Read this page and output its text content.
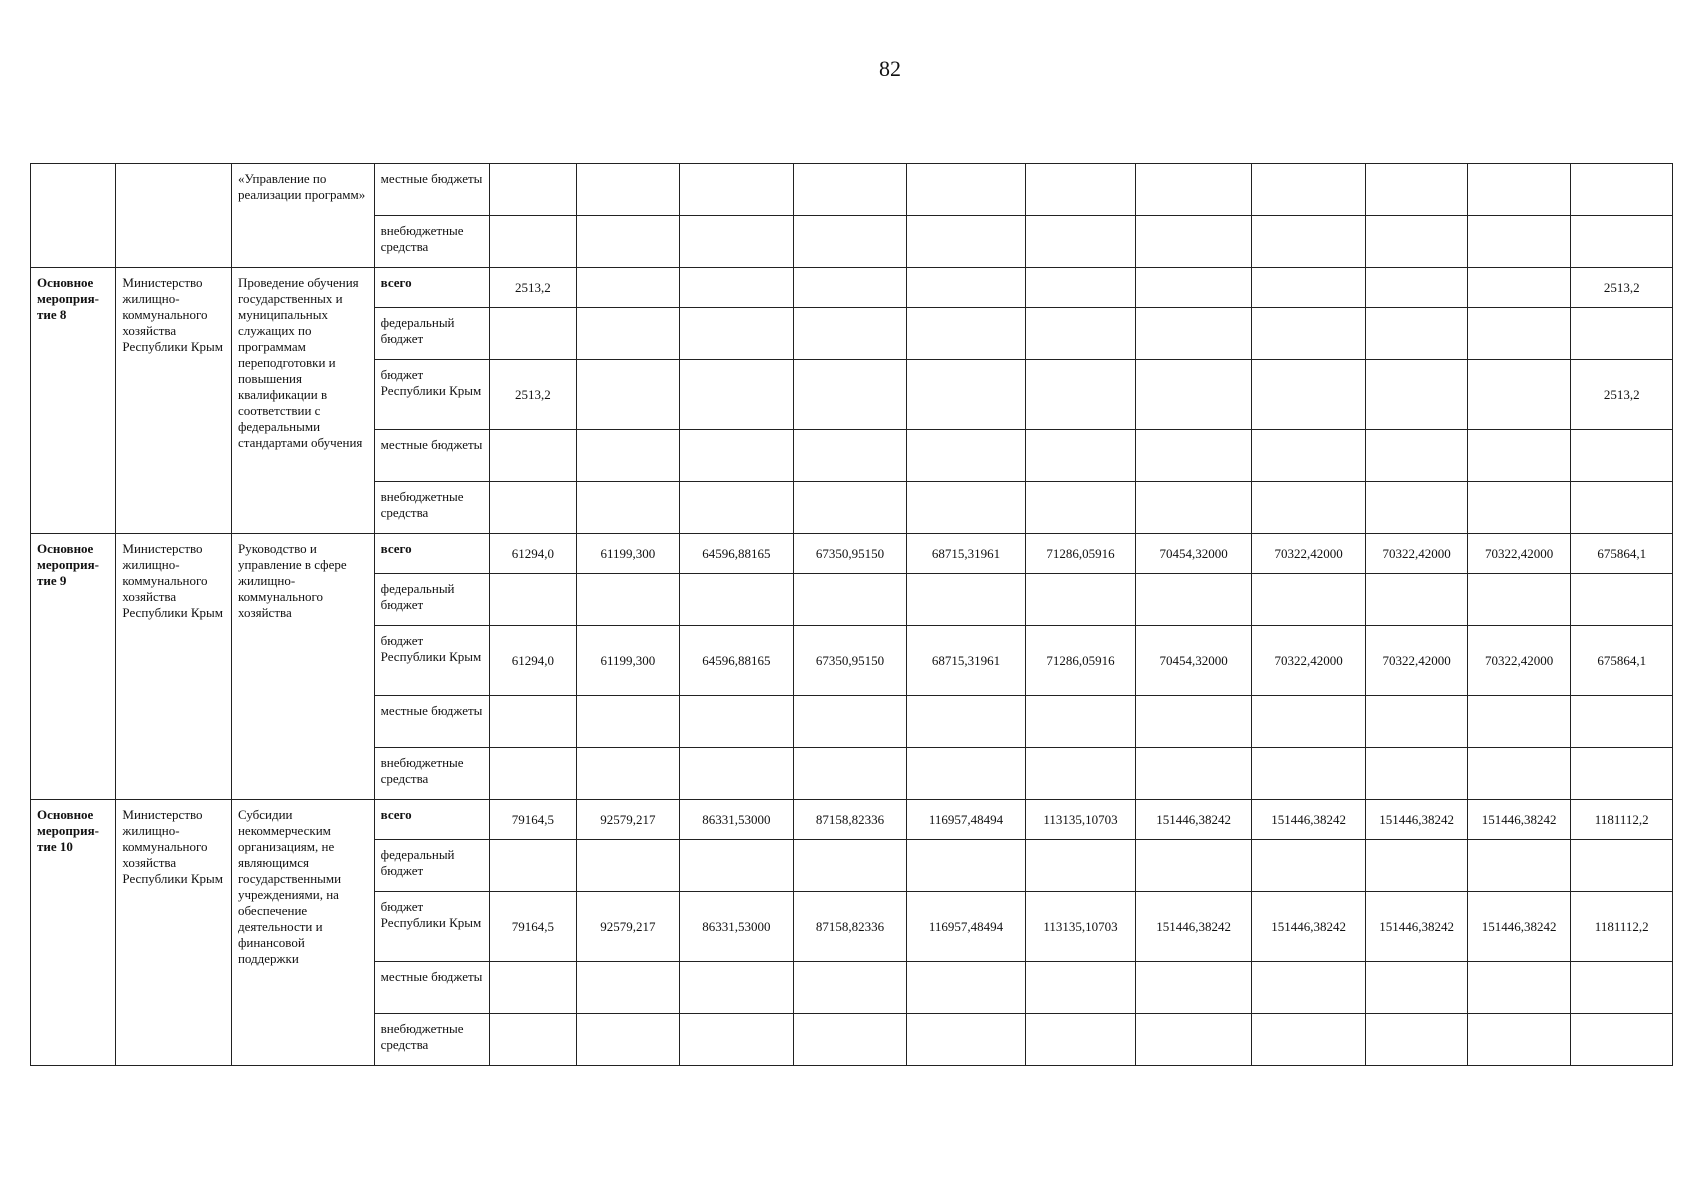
82
		«Управление по реализации программ»	местные бюджеты											
			внебюджетные средства											
Основное мероприя-тие 8	Министерство жилищно-коммунального хозяйства Республики Крым	Проведение обучения государственных и муниципальных служащих по программам переподготовки и повышения квалификации в соответствии с федеральными стандартами обучения	всего	2513,2										2513,2
			федеральный бюджет											
			бюджет Республики Крым	2513,2										2513,2
			местные бюджеты											
			внебюджетные средства											
Основное мероприя-тие 9	Министерство жилищно-коммунального хозяйства Республики Крым	Руководство и управление в сфере жилищно-коммунального хозяйства	всего	61294,0	61199,300	64596,88165	67350,95150	68715,31961	71286,05916	70454,32000	70322,42000	70322,42000	70322,42000	675864,1
			федеральный бюджет											
			бюджет Республики Крым	61294,0	61199,300	64596,88165	67350,95150	68715,31961	71286,05916	70454,32000	70322,42000	70322,42000	70322,42000	675864,1
			местные бюджеты											
			внебюджетные средства											
Основное мероприя-тие 10	Министерство жилищно-коммунального хозяйства Республики Крым	Субсидии некоммерческим организациям, не являющимся государственными учреждениями, на обеспечение деятельности и финансовой поддержки	всего	79164,5	92579,217	86331,53000	87158,82336	116957,48494	113135,10703	151446,38242	151446,38242	151446,38242	151446,38242	1181112,2
			федеральный бюджет											
			бюджет Республики Крым	79164,5	92579,217	86331,53000	87158,82336	116957,48494	113135,10703	151446,38242	151446,38242	151446,38242	151446,38242	1181112,2
			местные бюджеты											
			внебюджетные средства											
